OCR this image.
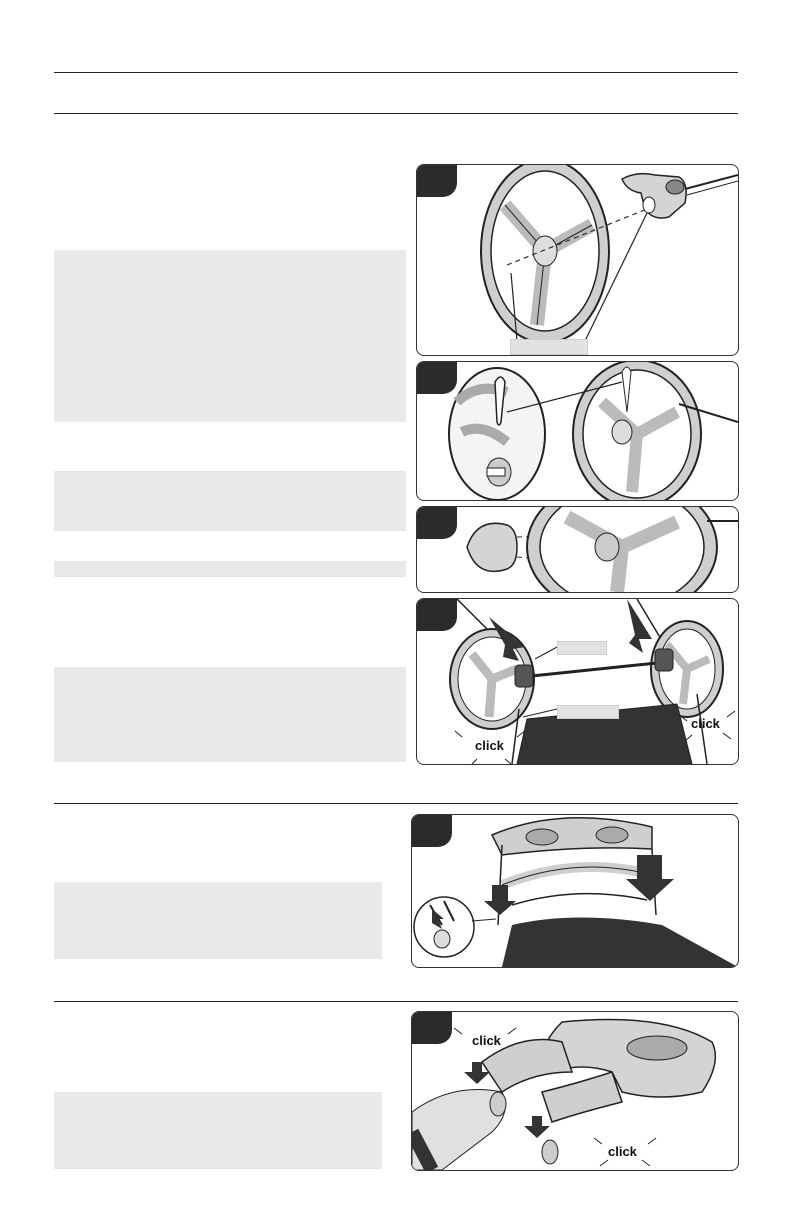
click
click
click
click
